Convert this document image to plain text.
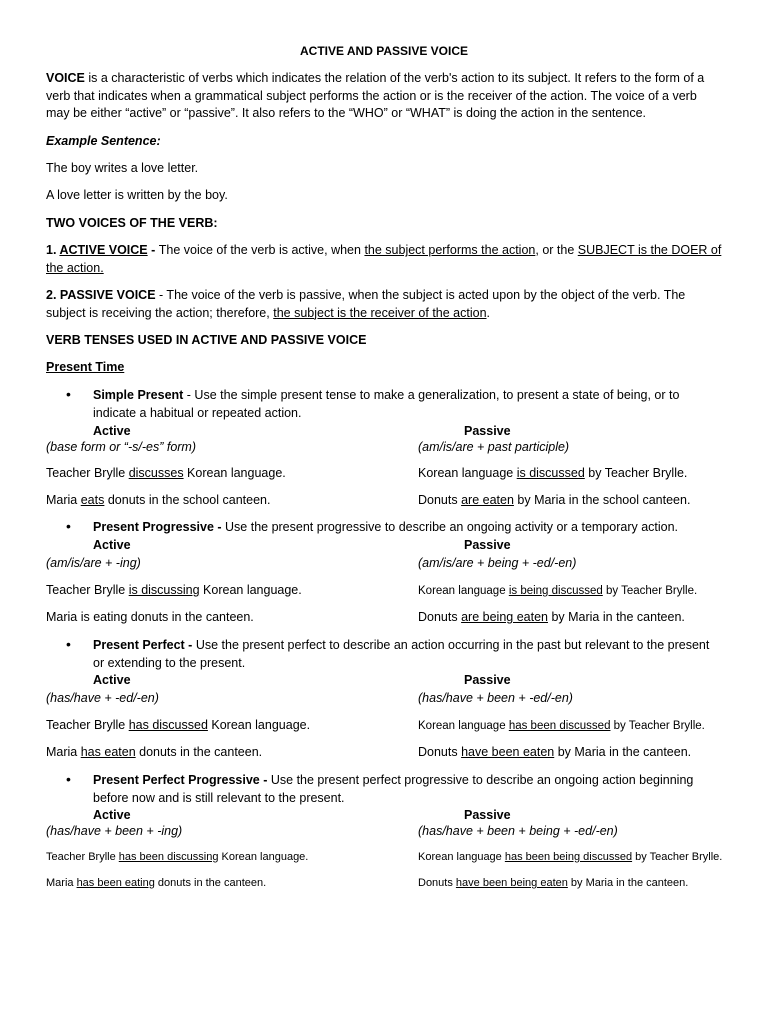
ACTIVE AND PASSIVE VOICE
VOICE is a characteristic of verbs which indicates the relation of the verb's action to its subject. It refers to the form of a verb that indicates when a grammatical subject performs the action or is the receiver of the action. The voice of a verb may be either “active” or “passive”. It also refers to the “WHO” or “WHAT” is doing the action in the sentence.
Example Sentence:
The boy writes a love letter.
A love letter is written by the boy.
TWO VOICES OF THE VERB:
1. ACTIVE VOICE - The voice of the verb is active, when the subject performs the action, or the SUBJECT is the DOER of the action.
2. PASSIVE VOICE - The voice of the verb is passive, when the subject is acted upon by the object of the verb. The subject is receiving the action; therefore, the subject is the receiver of the action.
VERB TENSES USED IN ACTIVE AND PASSIVE VOICE
Present Time
• Simple Present - Use the simple present tense to make a generalization, to present a state of being, or to indicate a habitual or repeated action.
Active	Passive
(base form or “-s/-es” form)	(am/is/are + past participle)
Teacher Brylle discusses Korean language.	Korean language is discussed by Teacher Brylle.
Maria eats donuts in the school canteen.	Donuts are eaten by Maria in the school canteen.
• Present Progressive - Use the present progressive to describe an ongoing activity or a temporary action.
Active	Passive
(am/is/are + -ing)	(am/is/are + being + -ed/-en)
Teacher Brylle is discussing Korean language.	Korean language is being discussed by Teacher Brylle.
Maria is eating donuts in the canteen.	Donuts are being eaten by Maria in the canteen.
• Present Perfect - Use the present perfect to describe an action occurring in the past but relevant to the present or extending to the present.
Active	Passive
(has/have + -ed/-en)	(has/have + been + -ed/-en)
Teacher Brylle has discussed Korean language.	Korean language has been discussed by Teacher Brylle.
Maria has eaten donuts in the canteen.	Donuts have been eaten by Maria in the canteen.
• Present Perfect Progressive - Use the present perfect progressive to describe an ongoing action beginning before now and is still relevant to the present.
Active	Passive
(has/have + been + -ing)	(has/have + been + being + -ed/-en)
Teacher Brylle has been discussing Korean language.	Korean language has been being discussed by Teacher Brylle.
Maria has been eating donuts in the canteen.	Donuts have been being eaten by Maria in the canteen.
